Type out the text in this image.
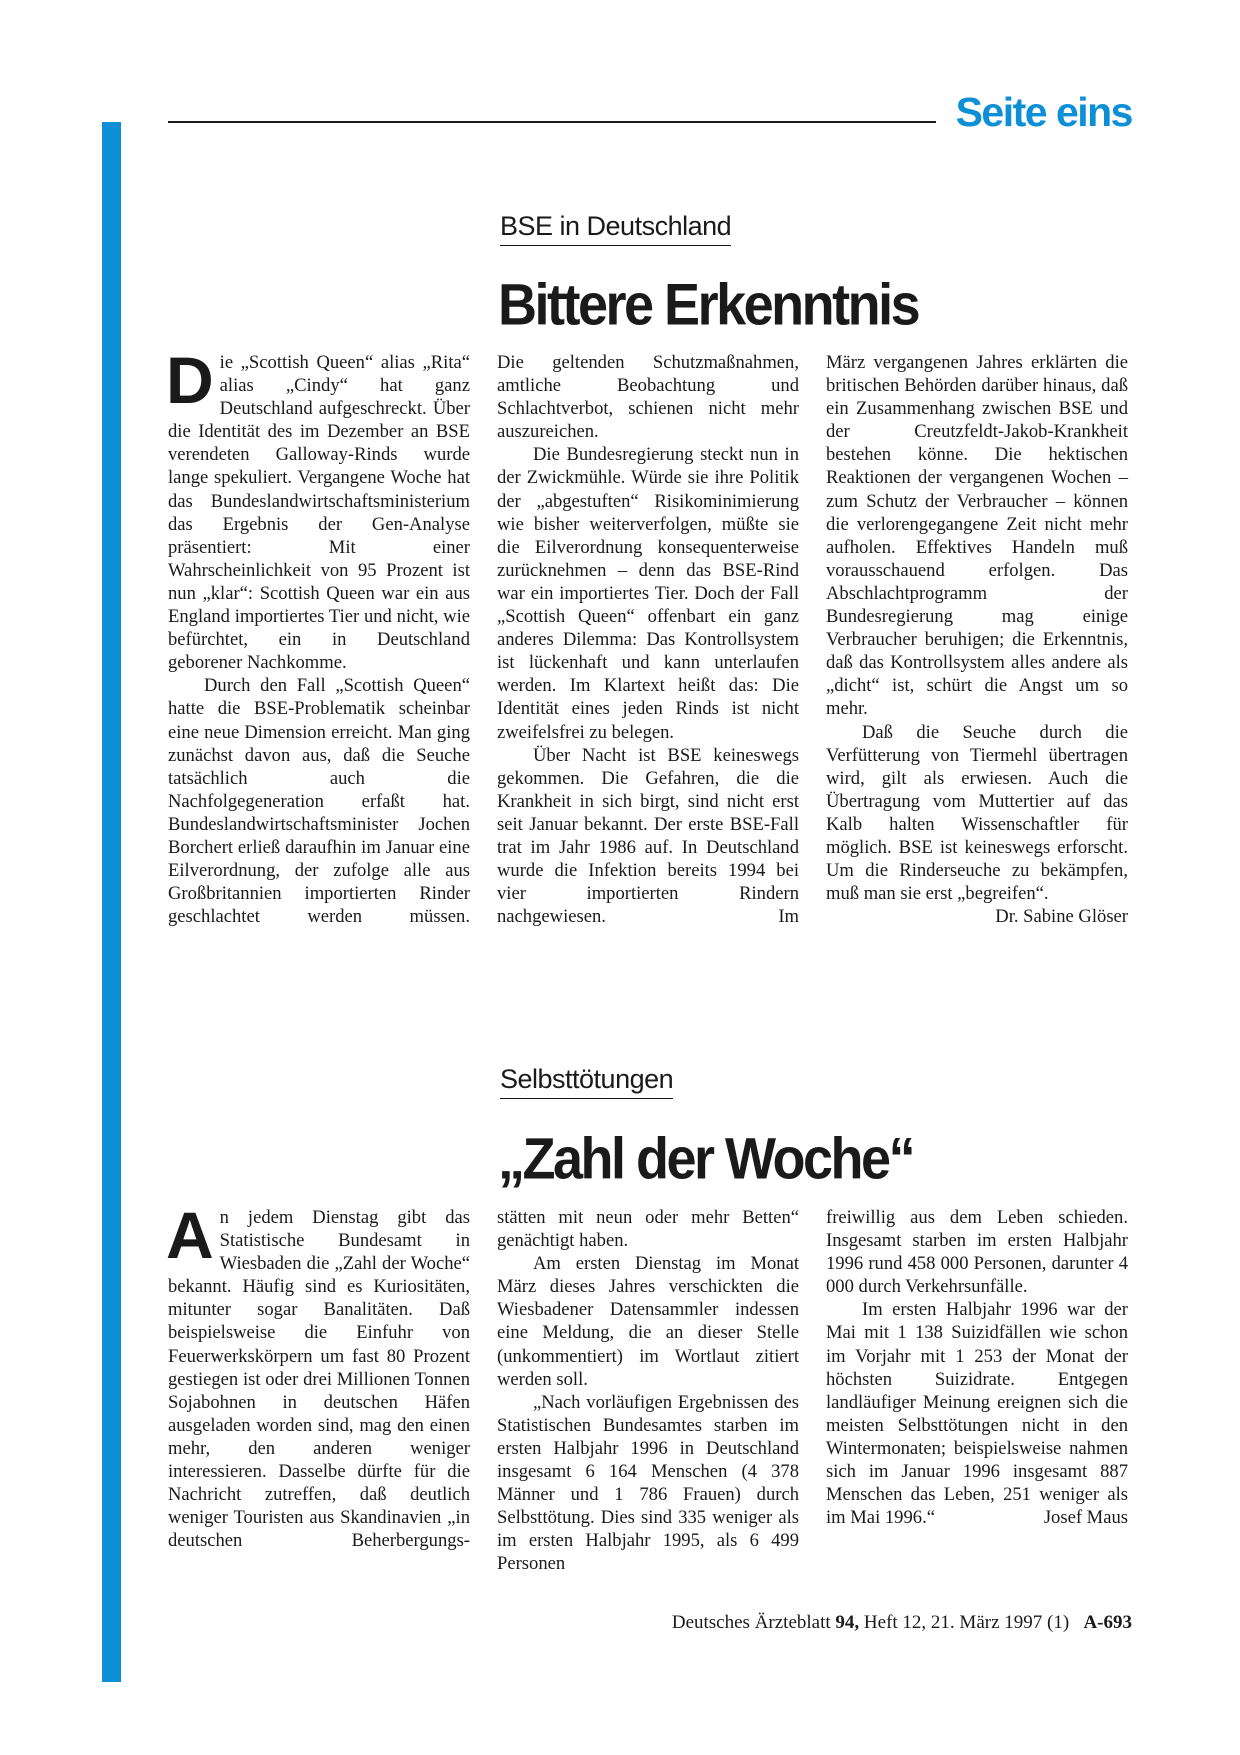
Seite eins
BSE in Deutschland
Bittere Erkenntnis
D ie „Scottish Queen“ alias „Rita“ alias „Cindy“ hat ganz Deutschland aufgeschreckt. Über die Identität des im Dezember an BSE verendeten Galloway-Rinds wurde lange spekuliert. Vergangene Woche hat das Bundeslandwirtschaftsministerium das Ergebnis der Gen-Analyse präsentiert: Mit einer Wahrscheinlichkeit von 95 Prozent ist nun „klar“: Scottish Queen war ein aus England importiertes Tier und nicht, wie befürchtet, ein in Deutschland geborener Nachkomme.

Durch den Fall „Scottish Queen“ hatte die BSE-Problematik scheinbar eine neue Dimension erreicht. Man ging zunächst davon aus, daß die Seuche tatsächlich auch die Nachfolgegeneration erfaßt hat. Bundeslandwirtschaftsminister Jochen Borchert erließ daraufhin im Januar eine Eilverordnung, der zufolge alle aus Großbritannien importierten Rinder geschlachtet werden müssen.

Die geltenden Schutzmaßnahmen, amtliche Beobachtung und Schlachtverbot, schienen nicht mehr auszureichen.

Die Bundesregierung steckt nun in der Zwickmühle. Würde sie ihre Politik der „abgestuften“ Risikominimierung wie bisher weiterverfolgen, müßte sie die Eilverordnung konsequenterweise zurücknehmen – denn das BSE-Rind war ein importiertes Tier. Doch der Fall „Scottish Queen“ offenbart ein ganz anderes Dilemma: Das Kontrollsystem ist lückenhaft und kann unterlaufen werden. Im Klartext heißt das: Die Identität eines jeden Rinds ist nicht zweifelsfrei zu belegen.

Über Nacht ist BSE keineswegs gekommen. Die Gefahren, die die Krankheit in sich birgt, sind nicht erst seit Januar bekannt. Der erste BSE-Fall trat im Jahr 1986 auf. In Deutschland wurde die Infektion bereits 1994 bei vier importierten Rindern nachgewiesen. Im

März vergangenen Jahres erklärten die britischen Behörden darüber hinaus, daß ein Zusammenhang zwischen BSE und der Creutzfeldt-Jakob-Krankheit bestehen könne. Die hektischen Reaktionen der vergangenen Wochen – zum Schutz der Verbraucher – können die verlorengegangene Zeit nicht mehr aufholen. Effektives Handeln muß vorausschauend erfolgen. Das Abschlachtprogramm der Bundesregierung mag einige Verbraucher beruhigen; die Erkenntnis, daß das Kontrollsystem alles andere als „dicht“ ist, schürt die Angst um so mehr.

Daß die Seuche durch die Verfütterung von Tiermehl übertragen wird, gilt als erwiesen. Auch die Übertragung vom Muttertier auf das Kalb halten Wissenschaftler für möglich. BSE ist keineswegs erforscht. Um die Rinderseuche zu bekämpfen, muß man sie erst „begreifen“.
Dr. Sabine Glöser

Selbsttötungen
„Zahl der Woche“
A n jedem Dienstag gibt das Statistische Bundesamt in Wiesbaden die „Zahl der Woche“ bekannt. Häufig sind es Kuriositäten, mitunter sogar Banalitäten. Daß beispielsweise die Einfuhr von Feuerwerkskörpern um fast 80 Prozent gestiegen ist oder drei Millionen Tonnen Sojabohnen in deutschen Häfen ausgeladen worden sind, mag den einen mehr, den anderen weniger interessieren. Dasselbe dürfte für die Nachricht zutreffen, daß deutlich weniger Touristen aus Skandinavien „in deutschen Beherbergungs-

stätten mit neun oder mehr Betten“ genächtigt haben.

Am ersten Dienstag im Monat März dieses Jahres verschickten die Wiesbadener Datensammler indessen eine Meldung, die an dieser Stelle (unkommentiert) im Wortlaut zitiert werden soll.

„Nach vorläufigen Ergebnissen des Statistischen Bundesamtes starben im ersten Halbjahr 1996 in Deutschland insgesamt 6 164 Menschen (4 378 Männer und 1 786 Frauen) durch Selbsttötung. Dies sind 335 weniger als im ersten Halbjahr 1995, als 6 499 Personen

freiwillig aus dem Leben schieden. Insgesamt starben im ersten Halbjahr 1996 rund 458 000 Personen, darunter 4 000 durch Verkehrsunfälle.

Im ersten Halbjahr 1996 war der Mai mit 1 138 Suizidfällen wie schon im Vorjahr mit 1 253 der Monat der höchsten Suizidrate. Entgegen landläufiger Meinung ereignen sich die meisten Selbsttötungen nicht in den Wintermonaten; beispielsweise nahmen sich im Januar 1996 insgesamt 887 Menschen das Leben, 251 weniger als im Mai 1996.“	Josef Maus

Deutsches Ärzteblatt 94, Heft 12, 21. März 1997 (1) A-693
